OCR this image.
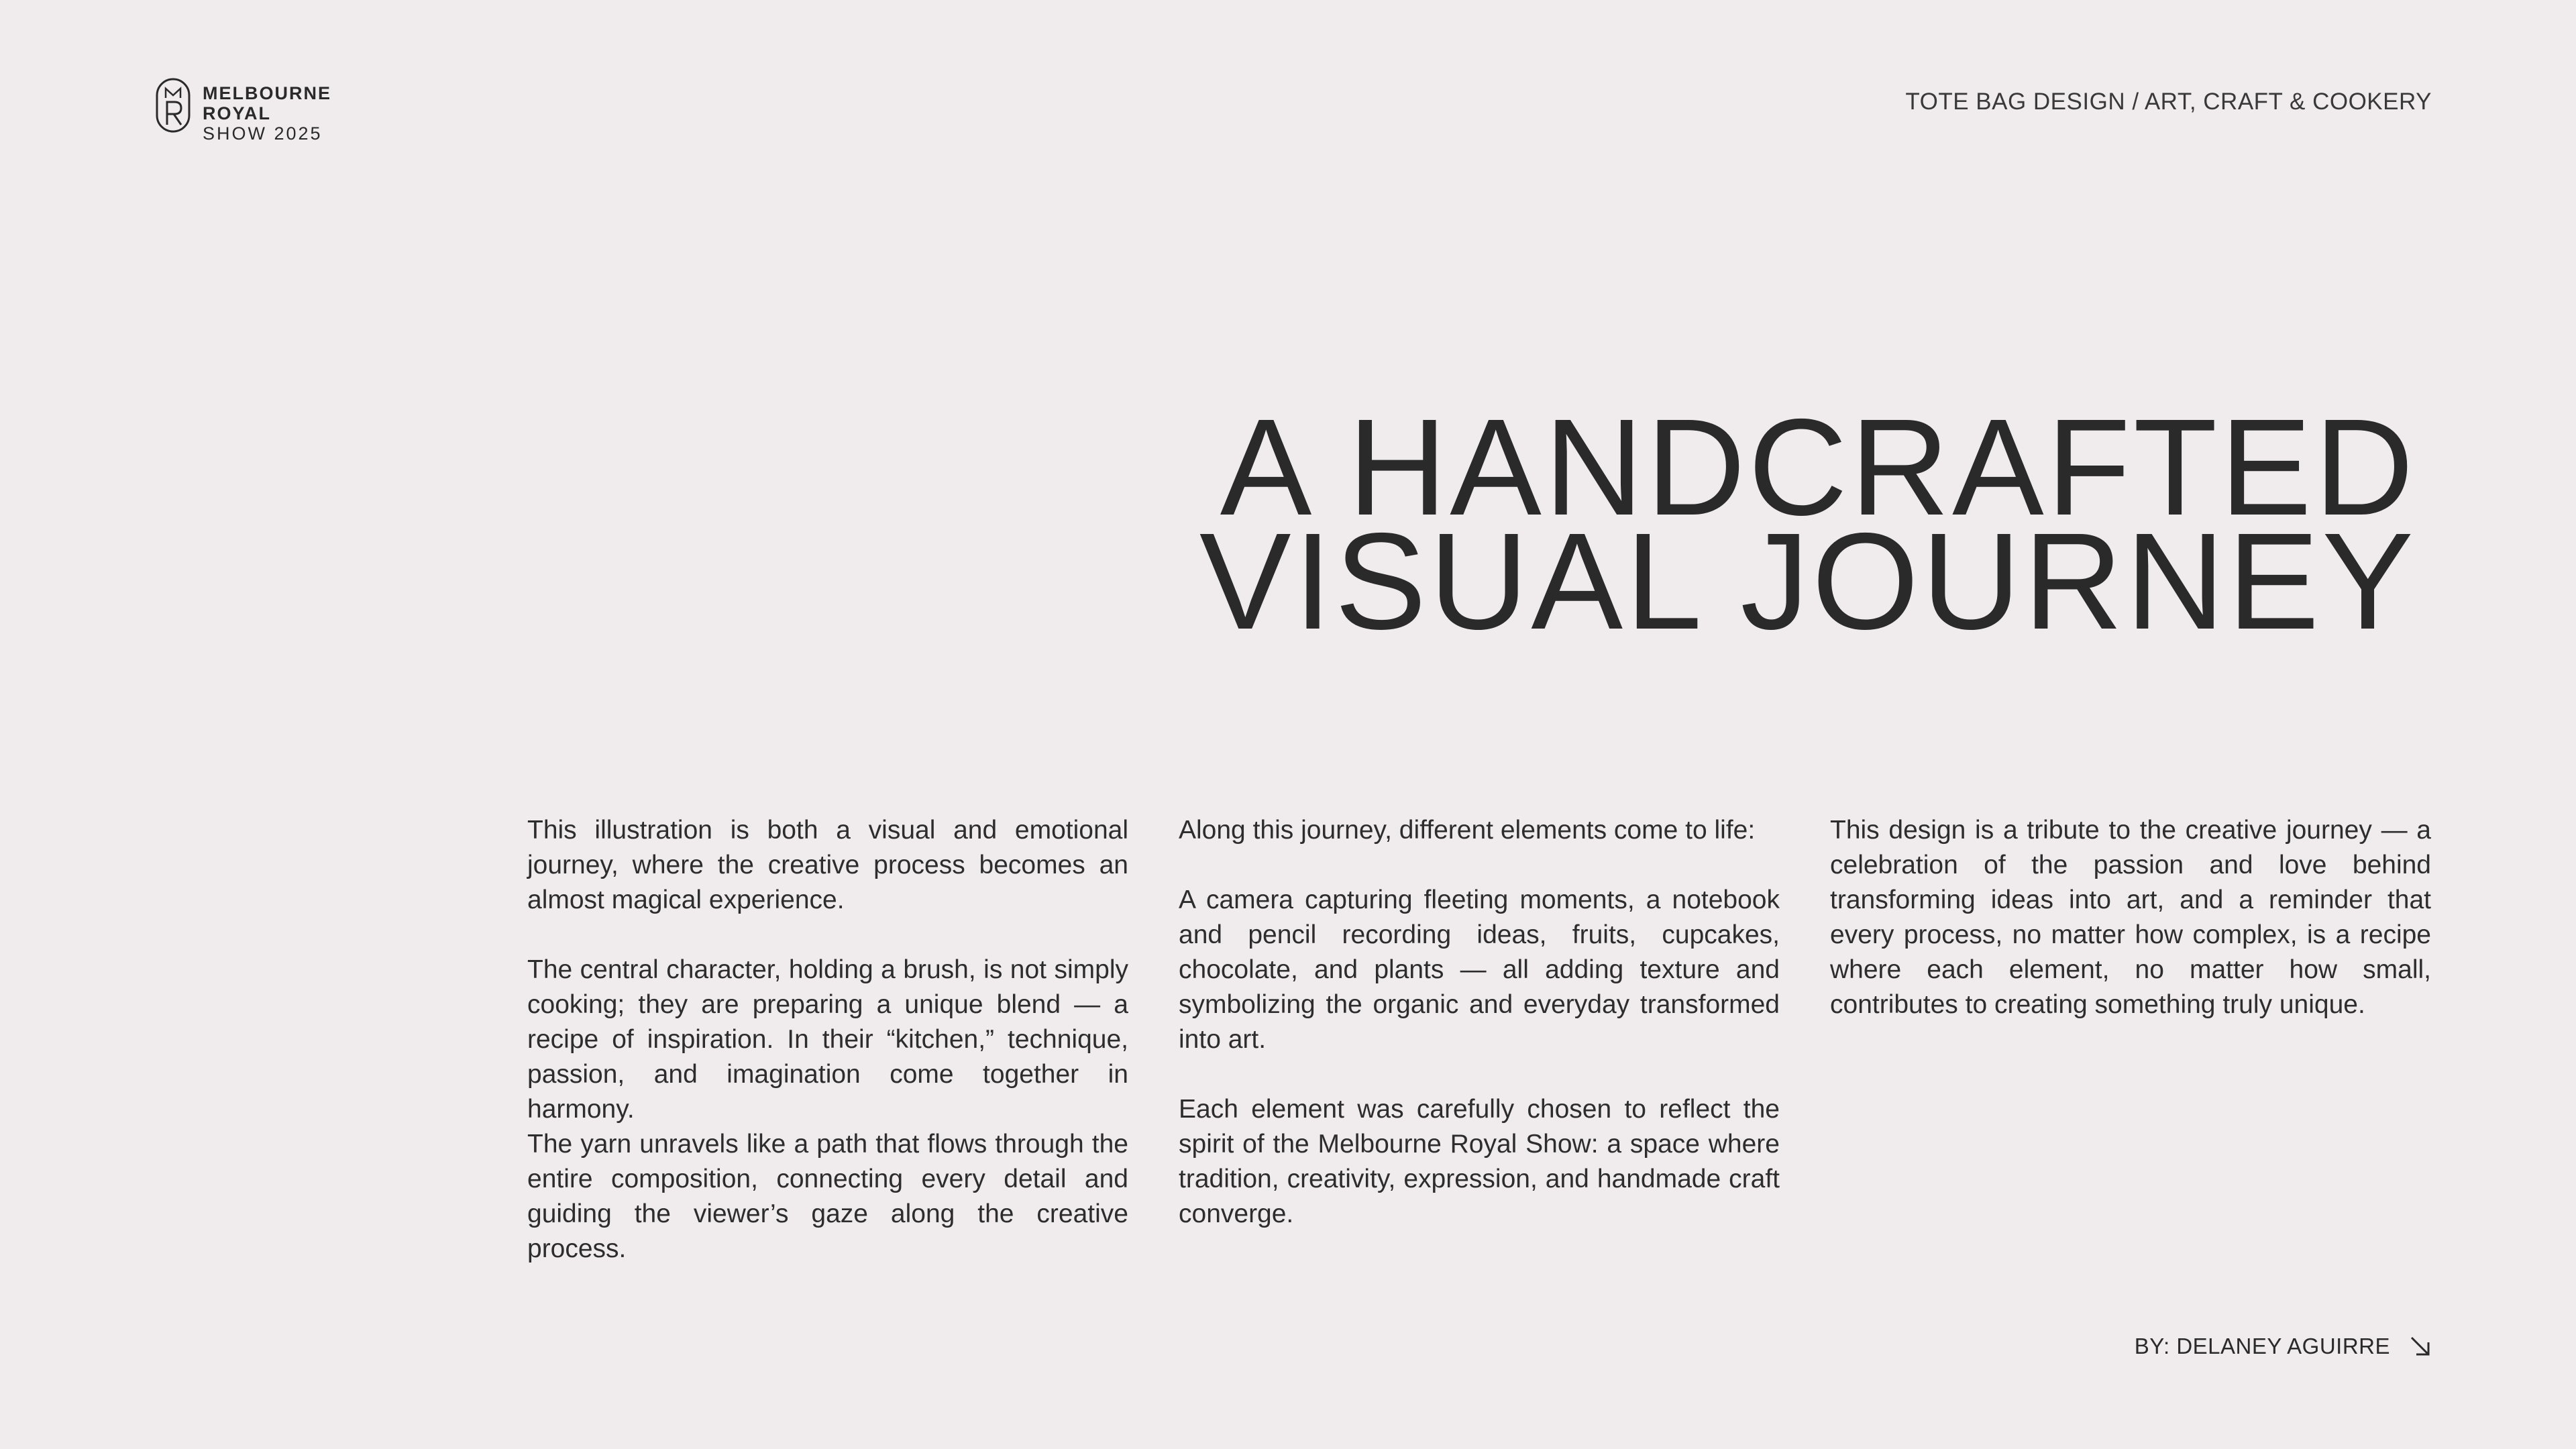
MELBOURNE
ROYAL
SHOW 2025
TOTE BAG DESIGN / ART, CRAFT & COOKERY
A HANDCRAFTED
VISUAL JOURNEY

This illustration is both a visual and emotional journey, where the creative process becomes an almost magical experience.

The central character, holding a brush, is not simply cooking; they are preparing a unique blend — a recipe of inspiration. In their “kitchen,” technique, passion, and imagination come together in harmony.

The yarn unravels like a path that flows through the entire composition, connecting every detail and guiding the viewer’s gaze along the creative process.

Along this journey, different elements come to life:

A camera capturing fleeting moments, a notebook and pencil recording ideas, fruits, cupcakes, chocolate, and plants — all adding texture and symbolizing the organic and everyday transformed into art.

Each element was carefully chosen to reflect the spirit of the Melbourne Royal Show: a space where tradition, creativity, expression, and handmade craft converge.

This design is a tribute to the creative journey — a celebration of the passion and love behind transforming ideas into art, and a reminder that every process, no matter how complex, is a recipe where each element, no matter how small, contributes to creating something truly unique.

BY: DELANEY AGUIRRE
